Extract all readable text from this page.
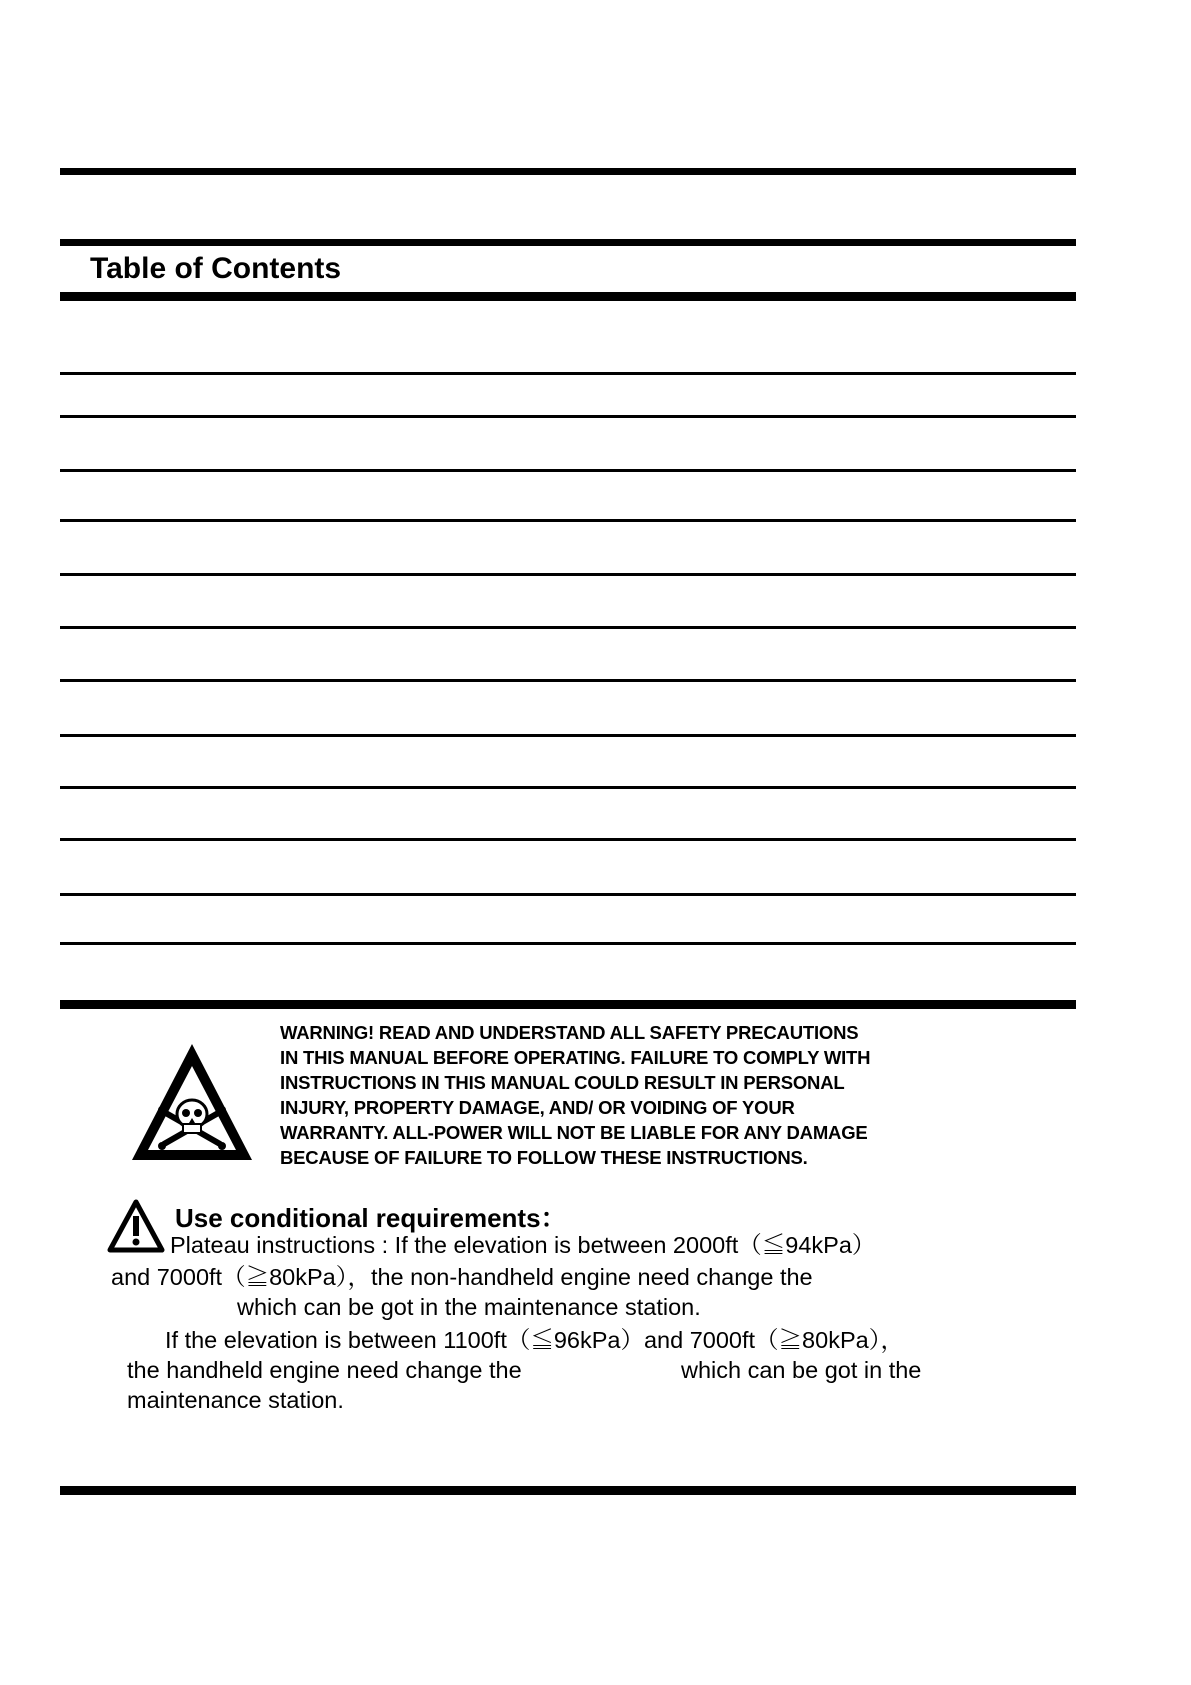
Table of Contents
WARNING! READ AND UNDERSTAND ALL SAFETY PRECAUTIONS
IN THIS MANUAL BEFORE OPERATING. FAILURE TO COMPLY WITH
INSTRUCTIONS IN THIS MANUAL COULD RESULT IN PERSONAL
INJURY, PROPERTY DAMAGE, AND/ OR VOIDING OF YOUR
WARRANTY. ALL-POWER WILL NOT BE LIABLE FOR ANY DAMAGE
BECAUSE OF FAILURE TO FOLLOW THESE INSTRUCTIONS.
Use conditional requirements：
Plateau instructions : If the elevation is between 2000ft（≦94kPa）
and 7000ft（≧80kPa），the non-handheld engine need change the
which can be got in the maintenance station.
If the elevation is between 1100ft（≦96kPa）and 7000ft（≧80kPa），
the handheld engine need change the	which can be got in the
maintenance station.
